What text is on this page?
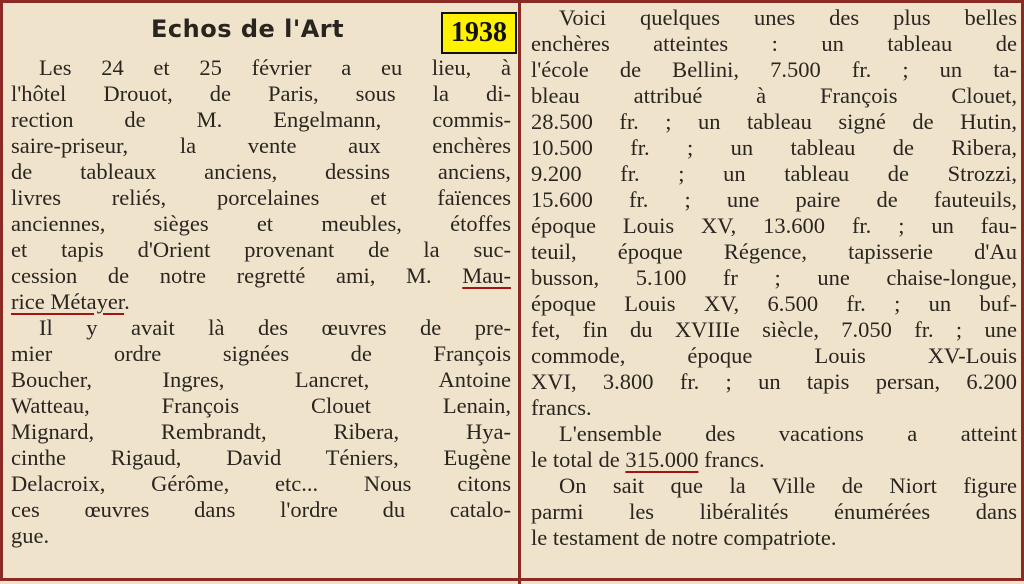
Echos de l'Art	1938
Les 24 et 25 février a eu lieu, à
l'hôtel Drouot, de Paris, sous la di-
rection de M. Engelmann, commis-
saire-priseur, la vente aux enchères
de tableaux anciens, dessins anciens,
livres reliés, porcelaines et faïences
anciennes, sièges et meubles, étoffes
et tapis d'Orient provenant de la suc-
cession de notre regretté ami, M. Mau-
rice Métayer.
Il y avait là des œuvres de pre-
mier ordre signées de François
Boucher, Ingres, Lancret, Antoine
Watteau, François Clouet Lenain,
Mignard, Rembrandt, Ribera, Hya-
cinthe Rigaud, David Téniers, Eugène
Delacroix, Gérôme, etc... Nous citons
ces œuvres dans l'ordre du catalo-
gue.
Voici quelques unes des plus belles
enchères atteintes : un tableau de
l'école de Bellini, 7.500 fr. ; un ta-
bleau attribué à François Clouet,
28.500 fr. ; un tableau signé de Hutin,
10.500 fr. ; un tableau de Ribera,
9.200 fr. ; un tableau de Strozzi,
15.600 fr. ; une paire de fauteuils,
époque Louis XV, 13.600 fr. ; un fau-
teuil, époque Régence, tapisserie d'Au
busson, 5.100 fr ; une chaise-longue,
époque Louis XV, 6.500 fr. ; un buf-
fet, fin du XVIIIe siècle, 7.050 fr. ; une
commode, époque Louis XV-Louis
XVI, 3.800 fr. ; un tapis persan, 6.200
francs.
L'ensemble des vacations a atteint
le total de 315.000 francs.
On sait que la Ville de Niort figure
parmi les libéralités énumérées dans
le testament de notre compatriote.
